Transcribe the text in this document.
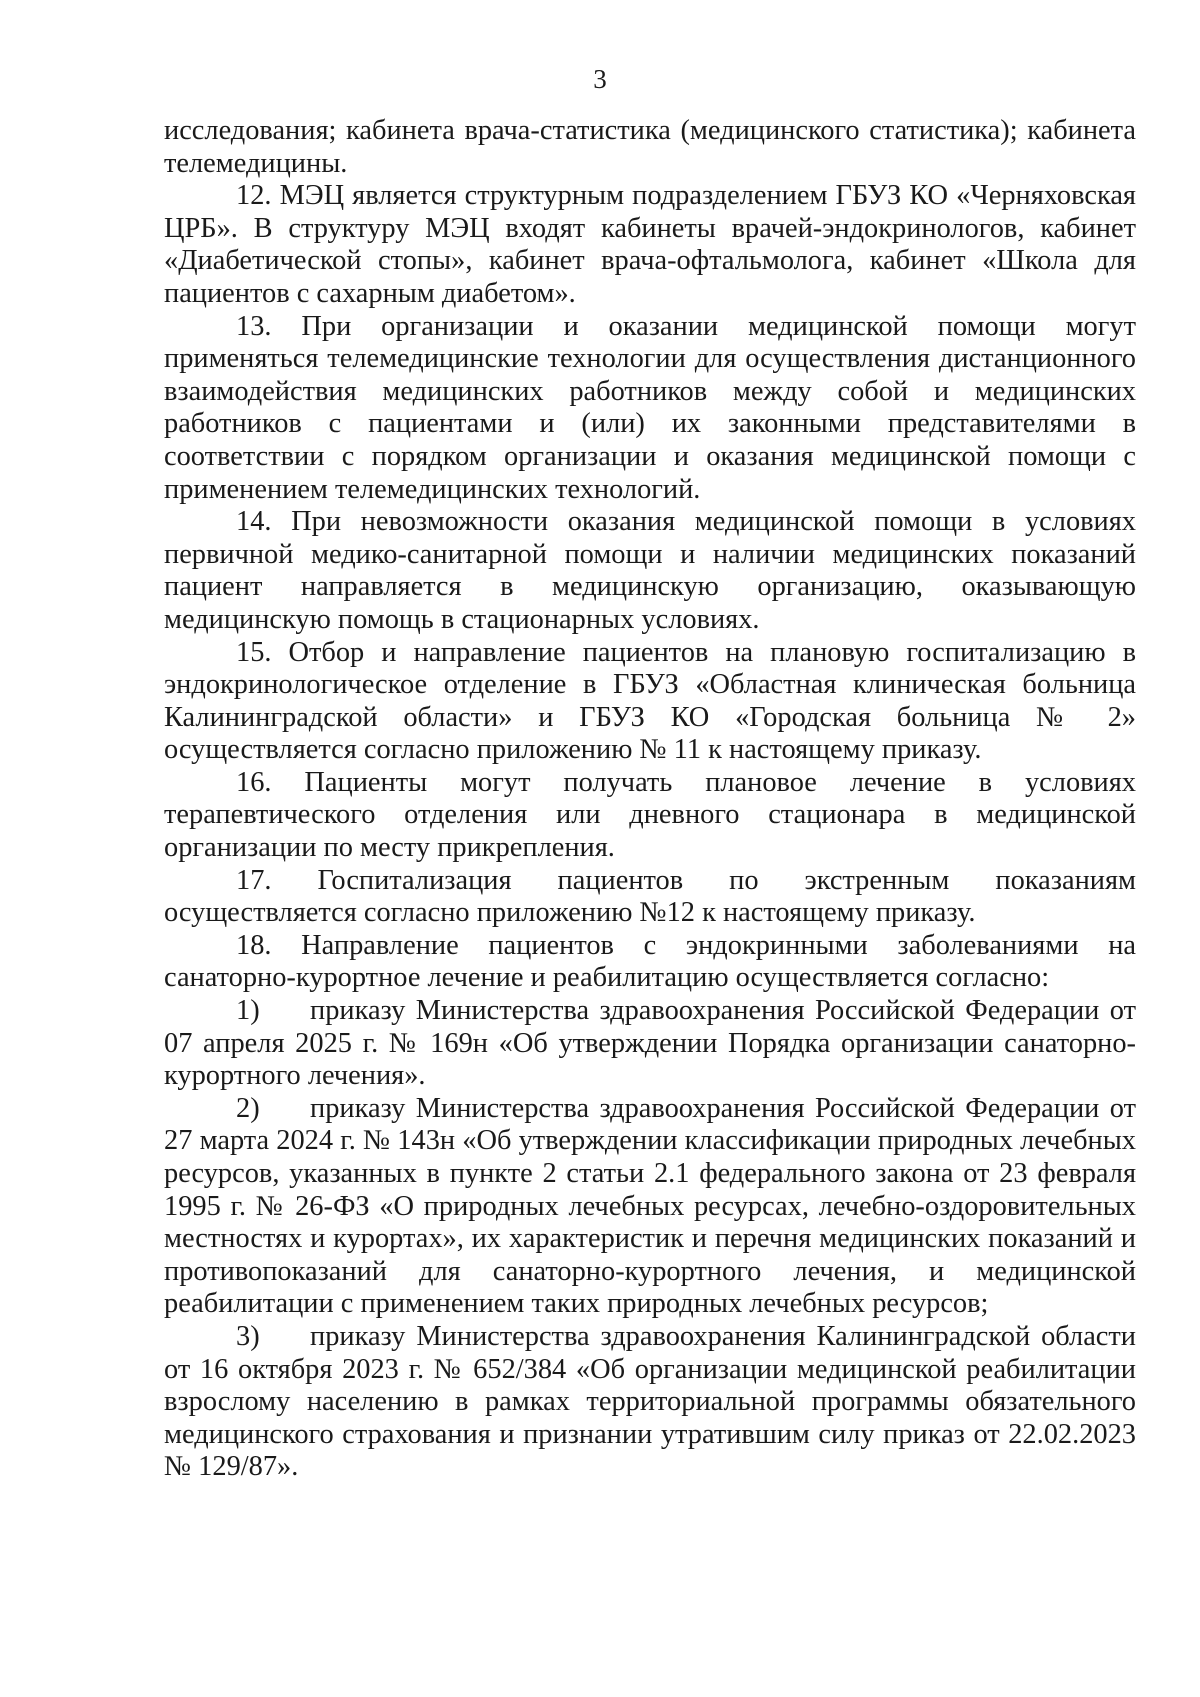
3

исследования; кабинета врача-статистика (медицинского статистика); кабинета телемедицины.

12. МЭЦ является структурным подразделением ГБУЗ КО «Черняховская ЦРБ». В структуру МЭЦ входят кабинеты врачей-эндокринологов, кабинет «Диабетической стопы», кабинет врача-офтальмолога, кабинет «Школа для пациентов с сахарным диабетом».

13. При организации и оказании медицинской помощи могут применяться телемедицинские технологии для осуществления дистанционного взаимодействия медицинских работников между собой и медицинских работников с пациентами и (или) их законными представителями в соответствии с порядком организации и оказания медицинской помощи с применением телемедицинских технологий.

14. При невозможности оказания медицинской помощи в условиях первичной медико-санитарной помощи и наличии медицинских показаний пациент направляется в медицинскую организацию, оказывающую медицинскую помощь в стационарных условиях.

15. Отбор и направление пациентов на плановую госпитализацию в эндокринологическое отделение в ГБУЗ «Областная клиническая больница Калининградской области» и ГБУЗ КО «Городская больница № 2» осуществляется согласно приложению № 11 к настоящему приказу.

16. Пациенты могут получать плановое лечение в условиях терапевтического отделения или дневного стационара в медицинской организации по месту прикрепления.

17. Госпитализация пациентов по экстренным показаниям осуществляется согласно приложению №12 к настоящему приказу.

18. Направление пациентов с эндокринными заболеваниями на санаторно-курортное лечение и реабилитацию осуществляется согласно:

1) приказу Министерства здравоохранения Российской Федерации от 07 апреля 2025 г. № 169н «Об утверждении Порядка организации санаторно-курортного лечения».

2) приказу Министерства здравоохранения Российской Федерации от 27 марта 2024 г. № 143н «Об утверждении классификации природных лечебных ресурсов, указанных в пункте 2 статьи 2.1 федерального закона от 23 февраля 1995 г. № 26-ФЗ «О природных лечебных ресурсах, лечебно-оздоровительных местностях и курортах», их характеристик и перечня медицинских показаний и противопоказаний для санаторно-курортного лечения, и медицинской реабилитации с применением таких природных лечебных ресурсов;

3) приказу Министерства здравоохранения Калининградской области от 16 октября 2023 г. № 652/384 «Об организации медицинской реабилитации взрослому населению в рамках территориальной программы обязательного медицинского страхования и признании утратившим силу приказ от 22.02.2023 № 129/87».
